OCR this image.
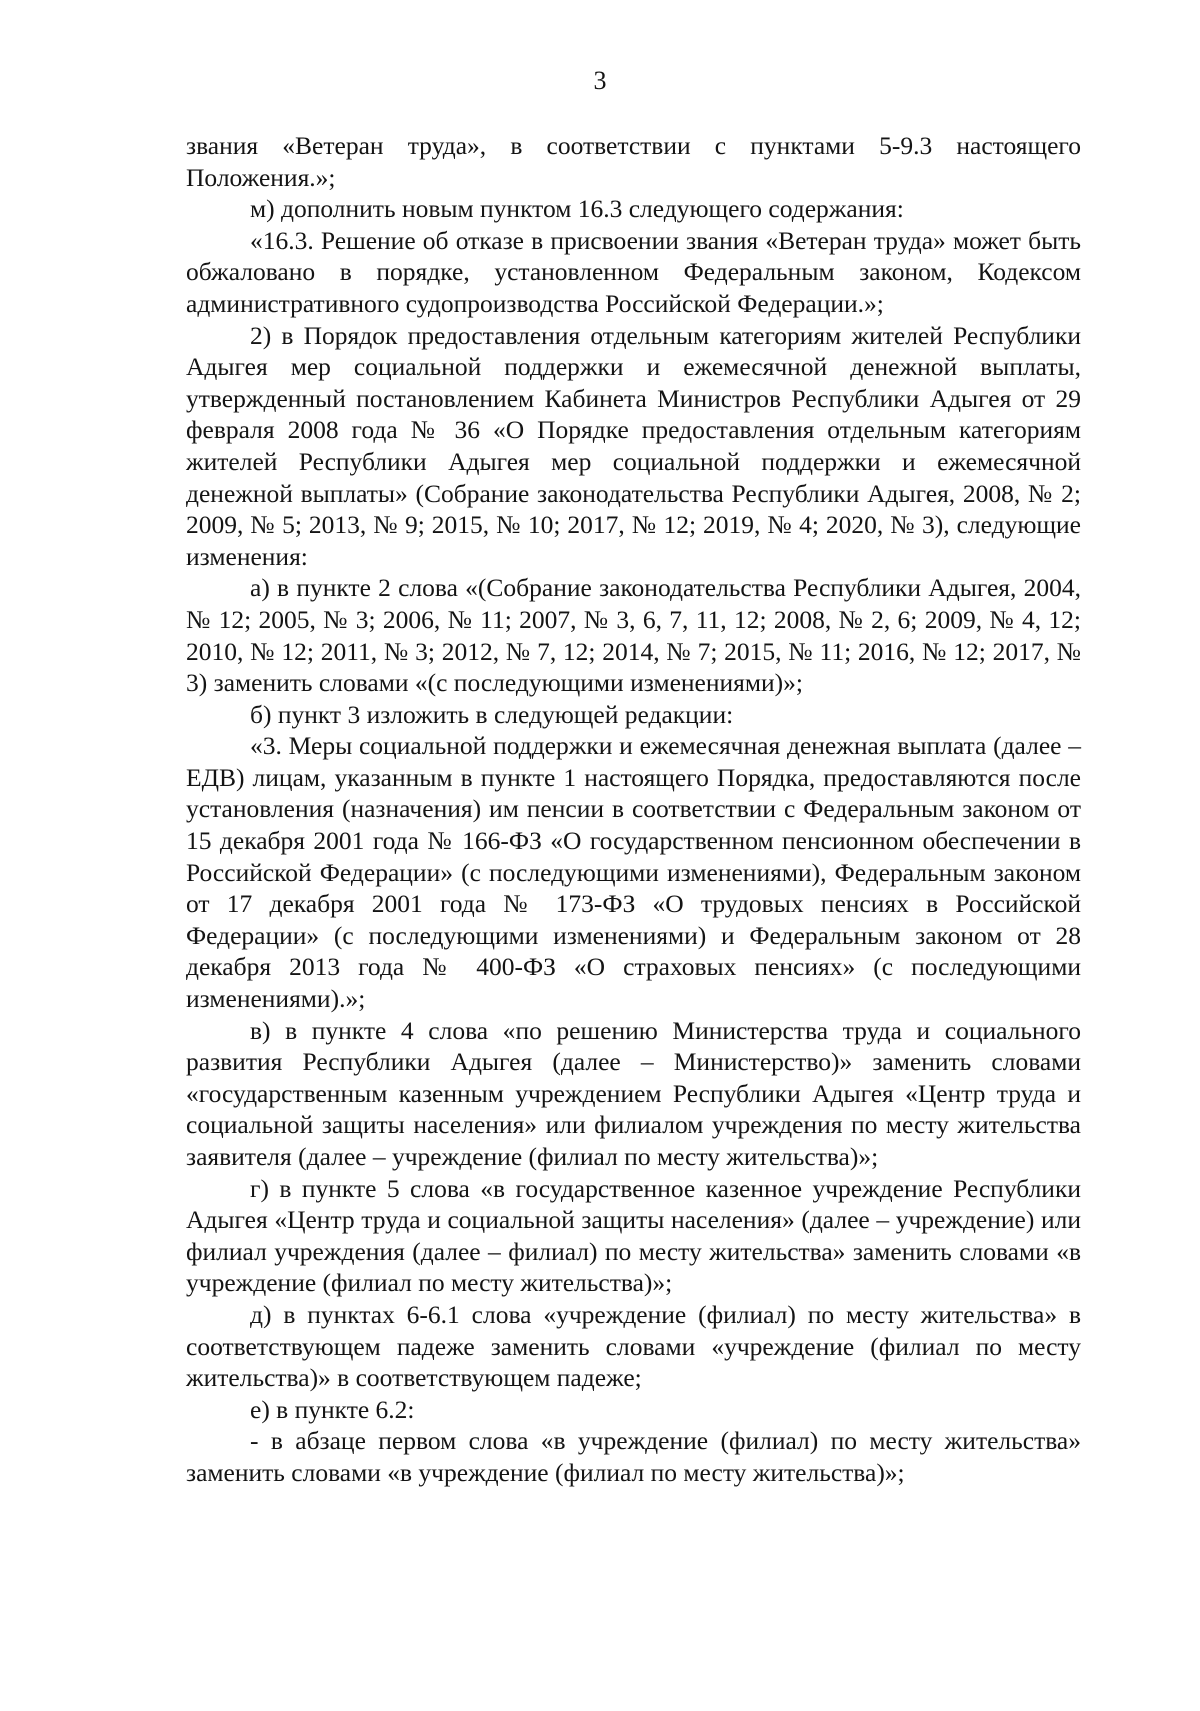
3

звания «Ветеран труда», в соответствии с пунктами 5-9.3 настоящего Положения.»;

м) дополнить новым пунктом 16.3 следующего содержания:

«16.3. Решение об отказе в присвоении звания «Ветеран труда» может быть обжаловано в порядке, установленном Федеральным законом, Кодексом административного судопроизводства Российской Федерации.»;

2) в Порядок предоставления отдельным категориям жителей Республики Адыгея мер социальной поддержки и ежемесячной денежной выплаты, утвержденный постановлением Кабинета Министров Республики Адыгея от 29 февраля 2008 года № 36 «О Порядке предоставления отдельным категориям жителей Республики Адыгея мер социальной поддержки и ежемесячной денежной выплаты» (Собрание законодательства Республики Адыгея, 2008, № 2; 2009, № 5; 2013, № 9; 2015, № 10; 2017, № 12; 2019, № 4; 2020, № 3), следующие изменения:

а) в пункте 2 слова «(Собрание законодательства Республики Адыгея, 2004, № 12; 2005, № 3; 2006, № 11; 2007, № 3, 6, 7, 11, 12; 2008, № 2, 6; 2009, № 4, 12; 2010, № 12; 2011, № 3; 2012, № 7, 12; 2014, № 7; 2015, № 11; 2016, № 12; 2017, № 3) заменить словами «(с последующими изменениями)»;

б) пункт 3 изложить в следующей редакции:

«3. Меры социальной поддержки и ежемесячная денежная выплата (далее – ЕДВ) лицам, указанным в пункте 1 настоящего Порядка, предоставляются после установления (назначения) им пенсии в соответствии с Федеральным законом от 15 декабря 2001 года № 166-ФЗ «О государственном пенсионном обеспечении в Российской Федерации» (с последующими изменениями), Федеральным законом от 17 декабря 2001 года № 173-ФЗ «О трудовых пенсиях в Российской Федерации» (с последующими изменениями) и Федеральным законом от 28 декабря 2013 года № 400-ФЗ «О страховых пенсиях» (с последующими изменениями).»;

в) в пункте 4 слова «по решению Министерства труда и социального развития Республики Адыгея (далее – Министерство)» заменить словами «государственным казенным учреждением Республики Адыгея «Центр труда и социальной защиты населения» или филиалом учреждения по месту жительства заявителя (далее – учреждение (филиал по месту жительства)»;

г) в пункте 5 слова «в государственное казенное учреждение Республики Адыгея «Центр труда и социальной защиты населения» (далее – учреждение) или филиал учреждения (далее – филиал) по месту жительства» заменить словами «в учреждение (филиал по месту жительства)»;

д) в пунктах 6-6.1 слова «учреждение (филиал) по месту жительства» в соответствующем падеже заменить словами «учреждение (филиал по месту жительства)» в соответствующем падеже;

е) в пункте 6.2:

- в абзаце первом слова «в учреждение (филиал) по месту жительства» заменить словами «в учреждение (филиал по месту жительства)»;
